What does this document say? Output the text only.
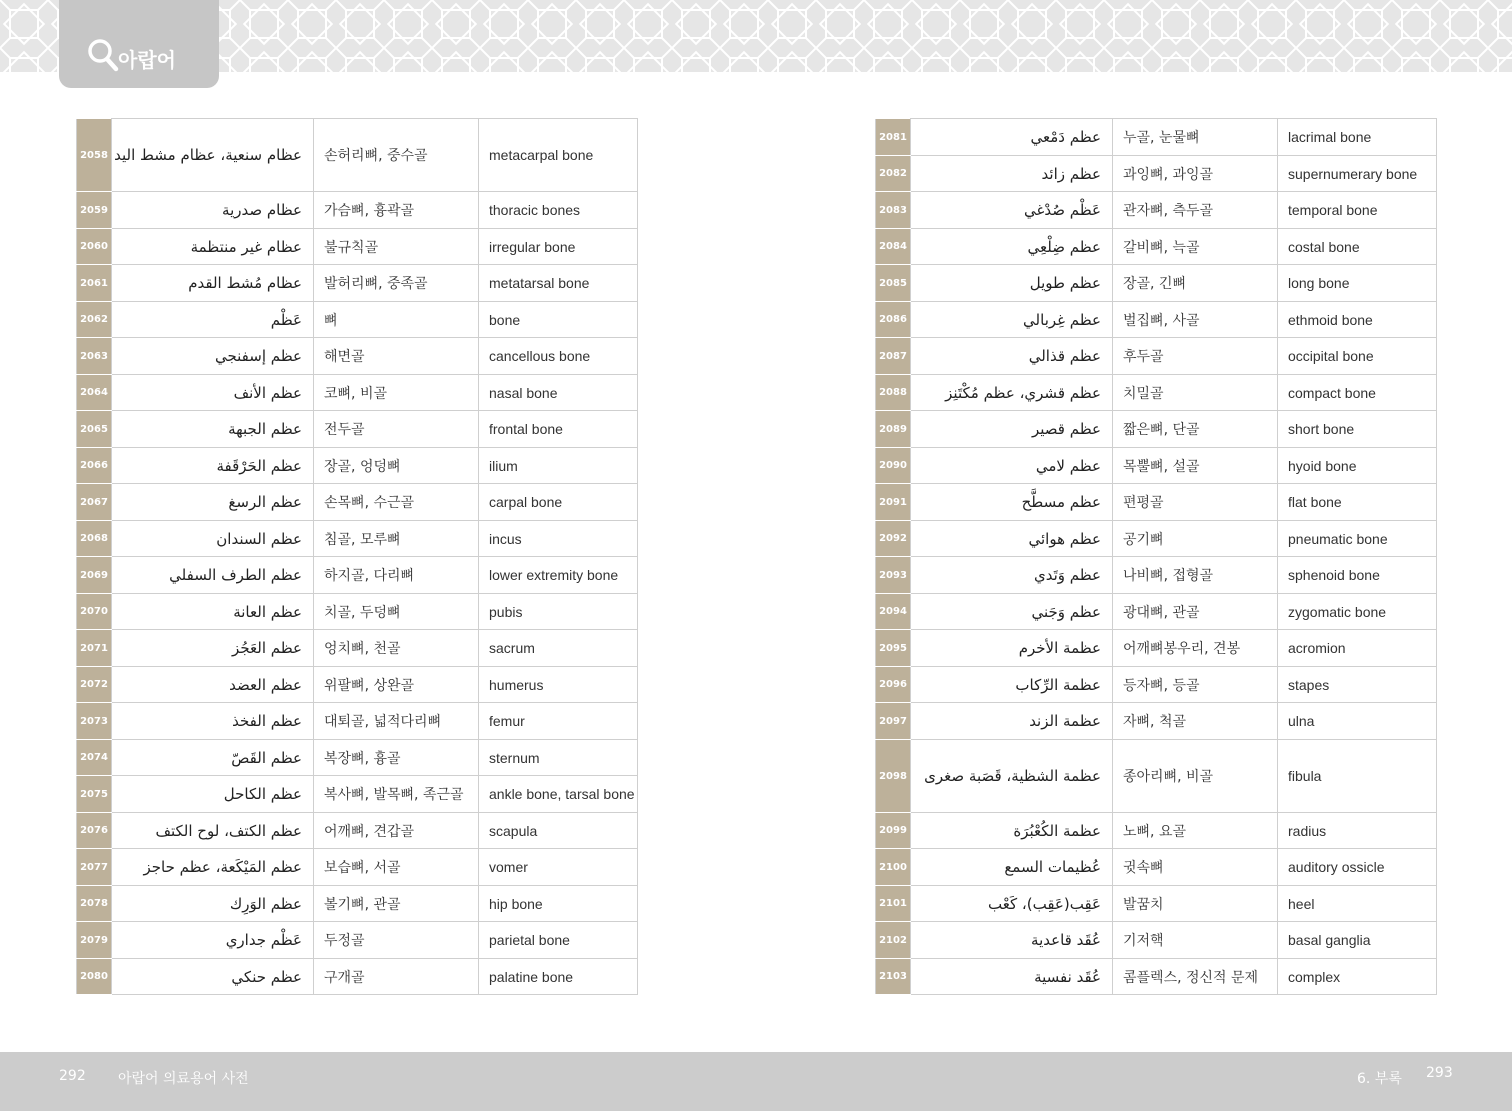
아랍어
2058	عظام سنعية، عظام مشط اليد	손허리뼈, 중수골	metacarpal bone
2059	عظام صدرية	가슴뼈, 흉곽골	thoracic bones
2060	عظام غير منتظمة	불규칙골	irregular bone
2061	عظام مُشط القدم	발허리뼈, 중족골	metatarsal bone
2062	عَظْم	뼈	bone
2063	عظم إسفنجي	해면골	cancellous bone
2064	عظم الأنف	코뼈, 비골	nasal bone
2065	عظم الجبهة	전두골	frontal bone
2066	عظم الحَرْقَفة	장골, 엉덩뼈	ilium
2067	عظم الرسغ	손목뼈, 수근골	carpal bone
2068	عظم السندان	침골, 모루뼈	incus
2069	عظم الطرف السفلي	하지골, 다리뼈	lower extremity bone
2070	عظم العانة	치골, 두덩뼈	pubis
2071	عظم العَجُز	엉치뼈, 천골	sacrum
2072	عظم العضد	위팔뼈, 상완골	humerus
2073	عظم الفخذ	대퇴골, 넓적다리뼈	femur
2074	عظم القَصّ	복장뼈, 흉골	sternum
2075	عظم الكاحل	복사뼈, 발목뼈, 족근골	ankle bone, tarsal bone
2076	عظم الكتف، لوح الكتف	어깨뼈, 견갑골	scapula
2077	عظم المَيْكَعة، عظم حاجز	보습뼈, 서골	vomer
2078	عظم الوَرِك	볼기뼈, 관골	hip bone
2079	عَظْم جداري	두정골	parietal bone
2080	عظم حنكي	구개골	palatine bone
2081	عظم دَمْعي	누골, 눈물뼈	lacrimal bone
2082	عظم زائد	과잉뼈, 과잉골	supernumerary bone
2083	عَظْم صُدْغي	관자뼈, 측두골	temporal bone
2084	عظم ضِلْعِي	갈비뼈, 늑골	costal bone
2085	عظم طويل	장골, 긴뼈	long bone
2086	عظم غِربالي	벌집뼈, 사골	ethmoid bone
2087	عظم قذالي	후두골	occipital bone
2088	عظم قشري، عظم مُكْتَنِز	치밀골	compact bone
2089	عظم قصير	짧은뼈, 단골	short bone
2090	عظم لامي	목뿔뼈, 설골	hyoid bone
2091	عظم مسطَّح	편평골	flat bone
2092	عظم هوائي	공기뼈	pneumatic bone
2093	عظم وَتَدي	나비뼈, 접형골	sphenoid bone
2094	عظم وَجَني	광대뼈, 관골	zygomatic bone
2095	عظمة الأخرم	어깨뼈봉우리, 견봉	acromion
2096	عظمة الرِّكاب	등자뼈, 등골	stapes
2097	عظمة الزند	자뼈, 척골	ulna
2098	عظمة الشظية، قَصَبة صغرى	종아리뼈, 비골	fibula
2099	عظمة الكُعْبُرَة	노뼈, 요골	radius
2100	عُظيمات السمع	귓속뼈	auditory ossicle
2101	عَقِب(عَقِب)، كَعْب	발꿈치	heel
2102	عُقَد قاعدية	기저핵	basal ganglia
2103	عُقَد نفسية	콤플렉스, 정신적 문제	complex
292 아랍어 의료용어 사전	6. 부록 293
